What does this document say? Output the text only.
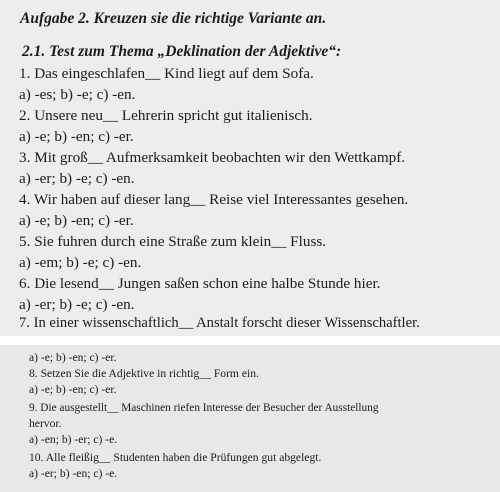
Aufgabe 2. Kreuzen sie die richtige Variante an.
2.1. Test zum Thema „Deklination der Adjektive“:
1. Das eingeschlafen__ Kind liegt auf dem Sofa.
a) -es; b) -e; c) -en.
2. Unsere neu__ Lehrerin spricht gut italienisch.
a) -e; b) -en; c) -er.
3. Mit groß__ Aufmerksamkeit beobachten wir den Wettkampf.
a) -er; b) -e; c) -en.
4. Wir haben auf dieser lang__ Reise viel Interessantes gesehen.
a) -e; b) -en; c) -er.
5. Sie fuhren durch eine Straße zum klein__ Fluss.
a) -em; b) -e; c) -en.
6. Die lesend__ Jungen saßen schon eine halbe Stunde hier.
a) -er; b) -e; c) -en.
7. In einer wissenschaftlich__ Anstalt forscht dieser Wissenschaftler.
a) -e; b) -en; c) -er.
8. Setzen Sie die Adjektive in richtig__ Form ein.
a) -e; b) -en; c) -er.
9. Die ausgestellt__ Maschinen riefen Interesse der Besucher der Ausstellung
hervor.
a) -en; b) -er; c) -e.
10. Alle fleißig__ Studenten haben die Prüfungen gut abgelegt.
a) -er; b) -en; c) -e.
